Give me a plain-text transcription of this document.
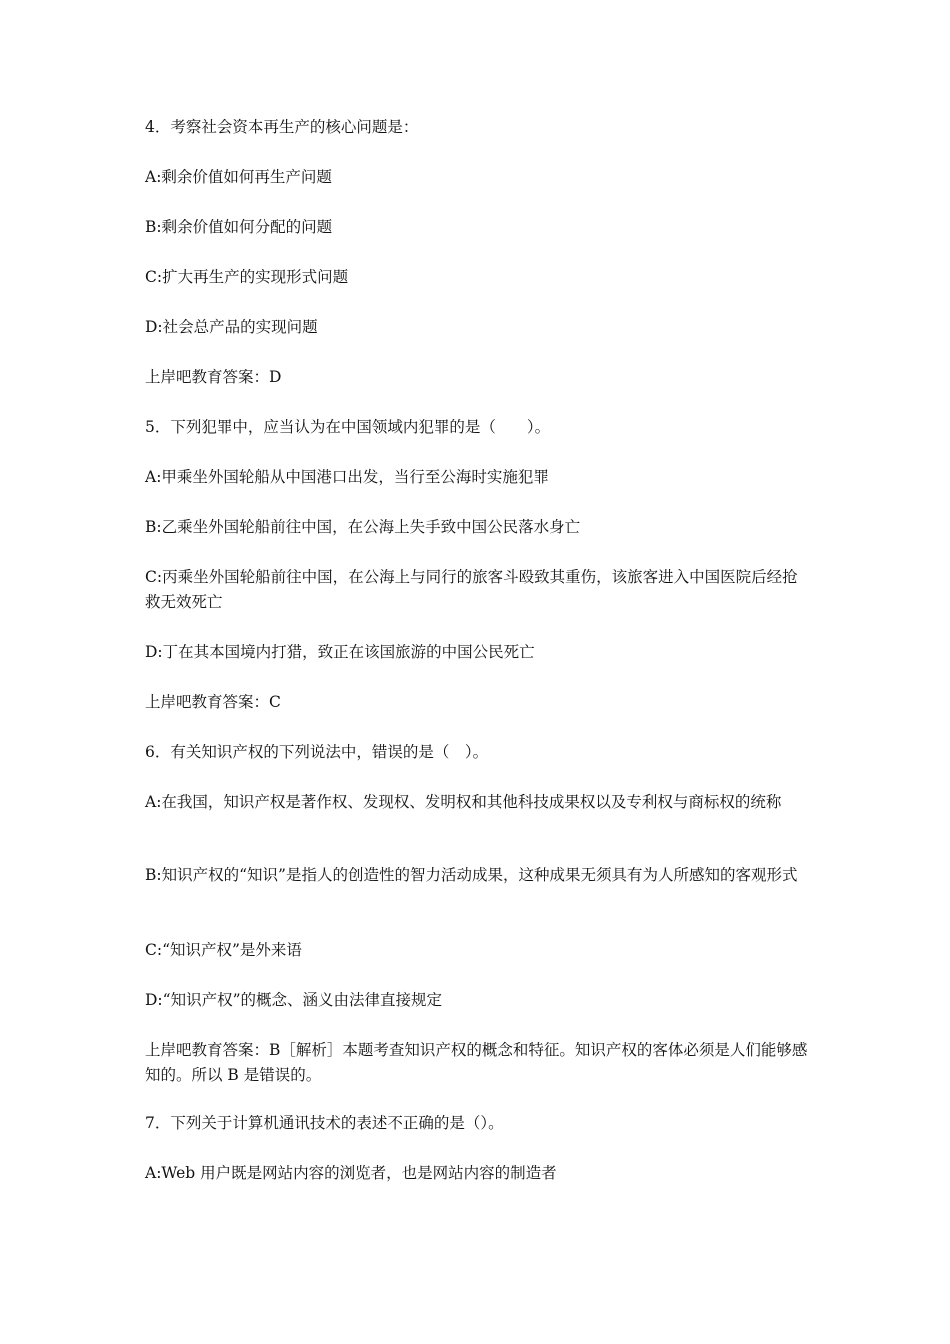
4．考察社会资本再生产的核心问题是：
A:剩余价值如何再生产问题
B:剩余价值如何分配的问题
C:扩大再生产的实现形式问题
D:社会总产品的实现问题
上岸吧教育答案：D
5．下列犯罪中，应当认为在中国领域内犯罪的是（　　）。
A:甲乘坐外国轮船从中国港口出发，当行至公海时实施犯罪
B:乙乘坐外国轮船前往中国，在公海上失手致中国公民落水身亡
C:丙乘坐外国轮船前往中国，在公海上与同行的旅客斗殴致其重伤，该旅客进入中国医院后经抢救无效死亡
D:丁在其本国境内打猎，致正在该国旅游的中国公民死亡
上岸吧教育答案：C
6．有关知识产权的下列说法中，错误的是（　）。
A:在我国，知识产权是著作权、发现权、发明权和其他科技成果权以及专利权与商标权的统称
B:知识产权的“知识”是指人的创造性的智力活动成果，这种成果无须具有为人所感知的客观形式
C:“知识产权”是外来语
D:“知识产权”的概念、涵义由法律直接规定
上岸吧教育答案：B［解析］本题考查知识产权的概念和特征。知识产权的客体必须是人们能够感知的。所以 B 是错误的。
7．下列关于计算机通讯技术的表述不正确的是（）。
A:Web 用户既是网站内容的浏览者，也是网站内容的制造者
